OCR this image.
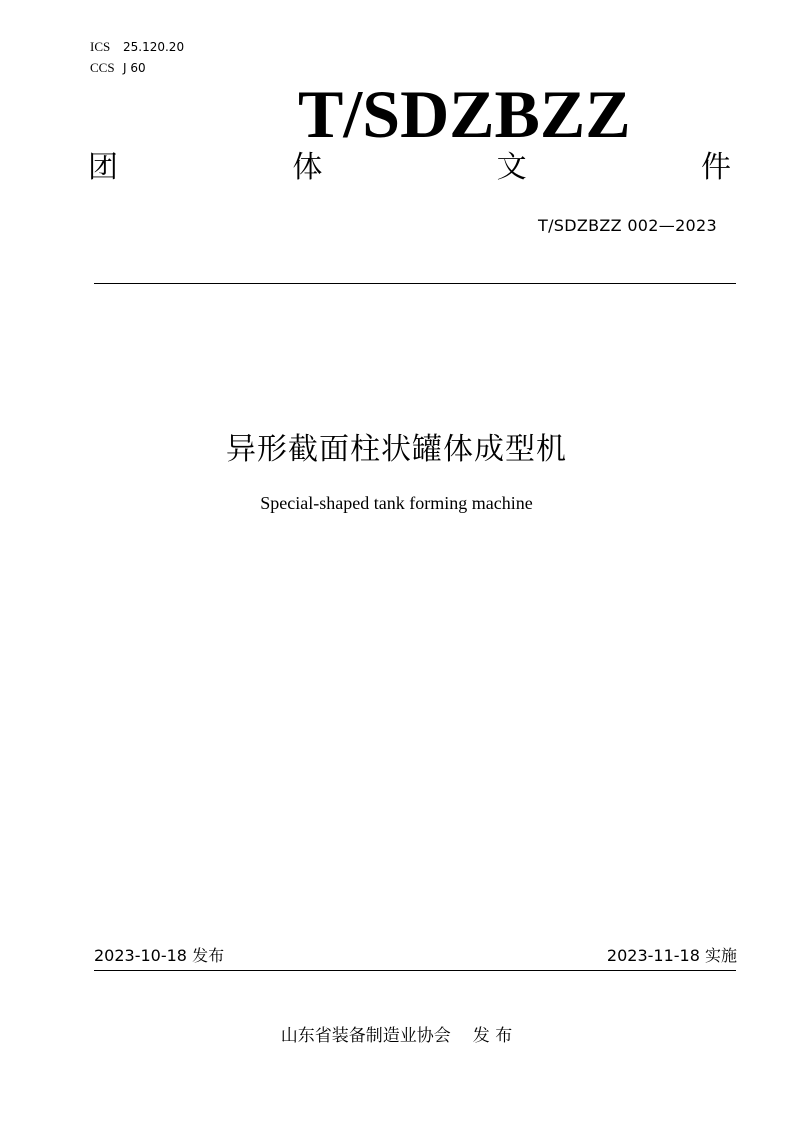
ICS	25.120.20
CCS J 60
T/SDZBZZ
团	体	文	件
T/SDZBZZ 002—2023
异形截面柱状罐体成型机
Special-shaped tank forming machine
2023-10-18 发布	2023-11-18 实施
山东省装备制造业协会 发 布
